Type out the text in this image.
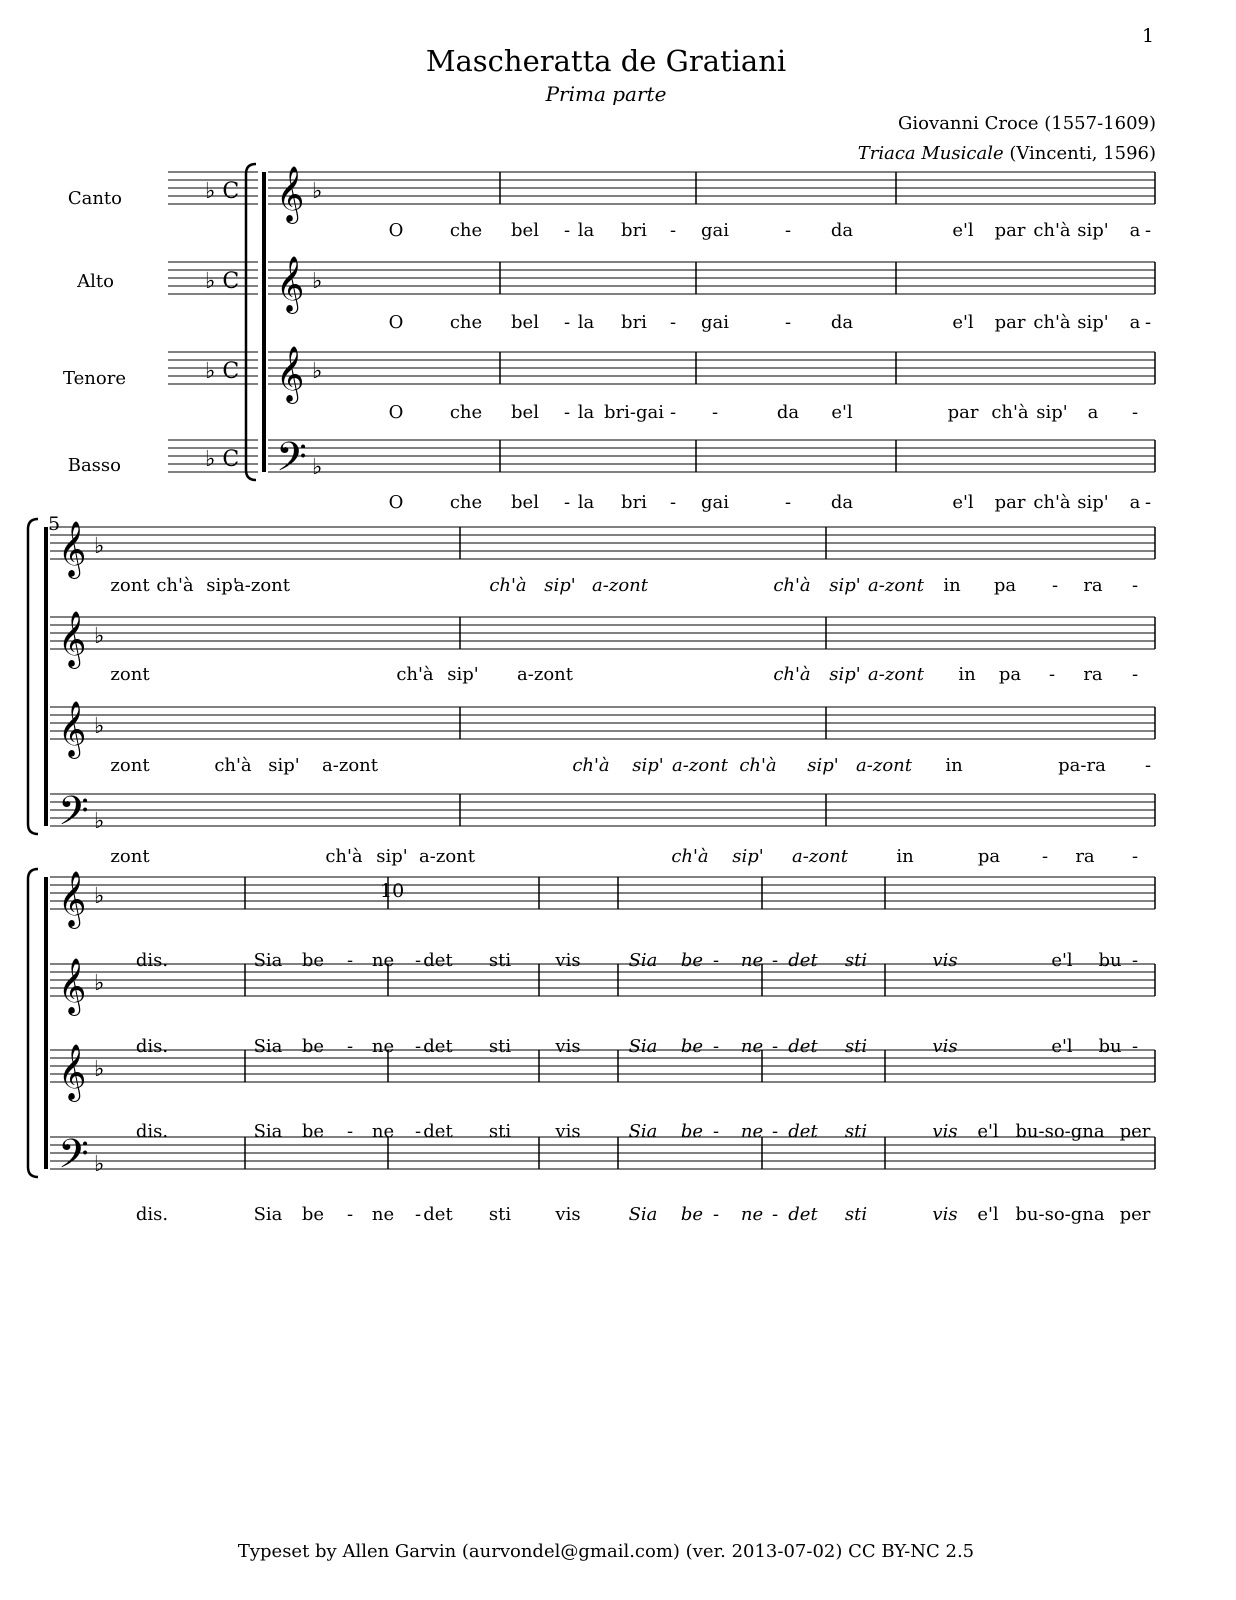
1
Mascheratta de Gratiani
Prima parte
Giovanni Croce (1557-1609)
Triaca Musicale (Vincenti, 1596)
Canto
Alto
Tenore
Basso
5
10
𝄞 ♭
𝄞 ♭
𝄞 ♭
𝄢 ♭
O	che bel - la bri - gai	- da	e'l par ch'à sip' a -
O	che bel - la bri - gai	- da	e'l par ch'à sip' a -
O	che bel - la bri-gai - -	da e'l	par ch'à sip' a -
O	che bel - la bri - gai	- da	e'l par ch'à sip' a -
𝄞 ♭
𝄞 ♭
𝄞 ♭
𝄢 ♭
zont ch'à sip'
a-zont	ch'à sip' a-zont	ch'à sip' a-zont in pa - ra -
zont	ch'à sip' a-zont	ch'à sip' a-zont in pa - ra -
zont	ch'à sip' a-zont	ch'à sip' a-zont ch'à sip' a-zont in	pa-ra -
zont	ch'à sip' a-zont	ch'à sip' a-zont	in	pa - ra -
𝄞 ♭
𝄞 ♭
𝄞 ♭
𝄢 ♭
dis.	Sia be - ne - det sti vis	Sia be - ne - det sti	vis	e'l bu -
dis.	Sia be - ne - det sti vis	Sia be - ne - det sti	vis	e'l bu -
dis.	Sia be - ne - det sti vis	Sia be - ne - det sti	vis e'l bu-so-gna per
dis.	Sia be - ne - det sti vis	Sia be - ne - det sti	vis e'l bu-so-gna per
♭ C
♭ C
♭ C
♭ C
Typeset by Allen Garvin (aurvondel@gmail.com) (ver. 2013-07-02) CC BY-NC 2.5
